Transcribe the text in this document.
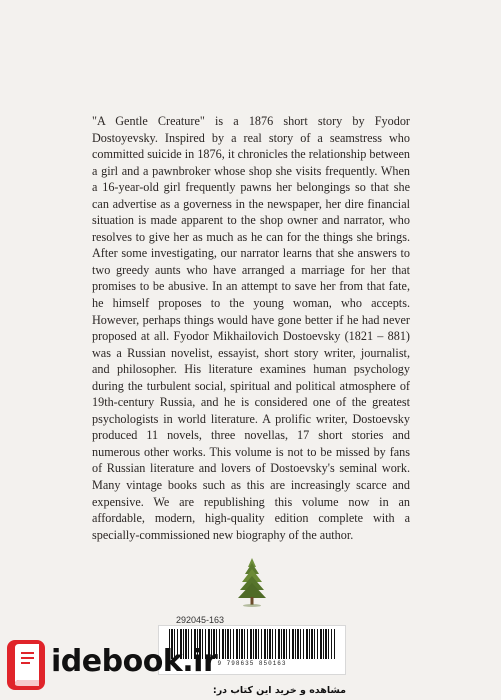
"A Gentle Creature" is a 1876 short story by Fyodor Dostoyevsky. Inspired by a real story of a seamstress who committed suicide in 1876, it chronicles the relationship between a girl and a pawnbroker whose shop she visits frequently. When a 16-year-old girl frequently pawns her belongings so that she can advertise as a governess in the newspaper, her dire financial situation is made apparent to the shop owner and narrator, who resolves to give her as much as he can for the things she brings. After some investigating, our narrator learns that she answers to two greedy aunts who have arranged a marriage for her that promises to be abusive. In an attempt to save her from that fate, he himself proposes to the young woman, who accepts. However, perhaps things would have gone better if he had never proposed at all. Fyodor Mikhailovich Dostoevsky (1821 – 881) was a Russian novelist, essayist, short story writer, journalist, and philosopher. His literature examines human psychology during the turbulent social, spiritual and political atmosphere of 19th-century Russia, and he is considered one of the greatest psychologists in world literature. A prolific writer, Dostoevsky produced 11 novels, three novellas, 17 short stories and numerous other works. This volume is not to be missed by fans of Russian literature and lovers of Dostoevsky's seminal work. Many vintage books such as this are increasingly scarce and expensive. We are republishing this volume now in an affordable, modern, high-quality edition complete with a specially-commissioned new biography of the author.

292045-163
9 798635 850163
مشاهده و خرید این کتاب در:
idebook.ir
